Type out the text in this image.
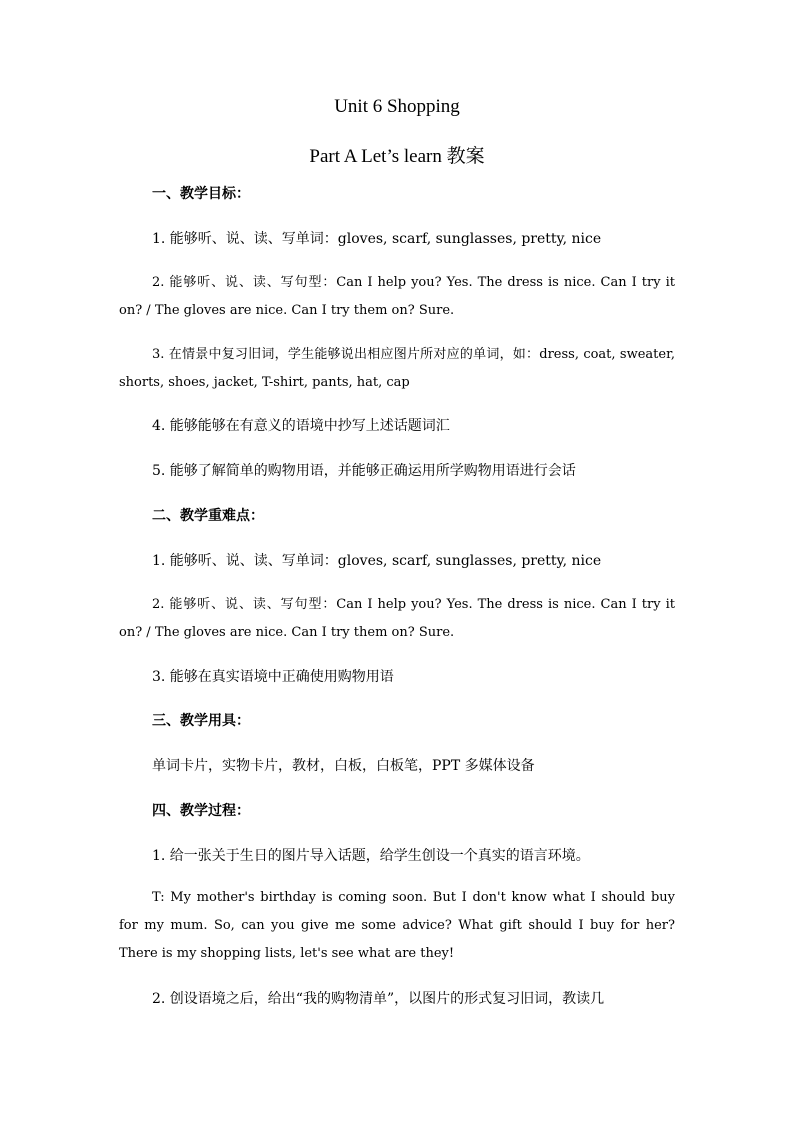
Unit 6 Shopping
Part A Let’s learn 教案
一、教学目标：
1. 能够听、说、读、写单词：gloves, scarf, sunglasses, pretty, nice
2. 能够听、说、读、写句型：Can I help you? Yes. The dress is nice. Can I try it on? / The gloves are nice. Can I try them on? Sure.
3. 在情景中复习旧词，学生能够说出相应图片所对应的单词，如：dress, coat, sweater, shorts, shoes, jacket, T-shirt, pants, hat, cap
4. 能够能够在有意义的语境中抄写上述话题词汇
5. 能够了解简单的购物用语，并能够正确运用所学购物用语进行会话
二、教学重难点：
1. 能够听、说、读、写单词：gloves, scarf, sunglasses, pretty, nice
2. 能够听、说、读、写句型：Can I help you? Yes. The dress is nice. Can I try it on? / The gloves are nice. Can I try them on? Sure.
3. 能够在真实语境中正确使用购物用语
三、教学用具：
单词卡片，实物卡片，教材，白板，白板笔，PPT 多媒体设备
四、教学过程：
1. 给一张关于生日的图片导入话题，给学生创设一个真实的语言环境。
T: My mother's birthday is coming soon. But I don't know what I should buy for my mum. So, can you give me some advice? What gift should I buy for her? There is my shopping lists, let's see what are they!
2. 创设语境之后，给出“我的购物清单”，以图片的形式复习旧词，教读几
